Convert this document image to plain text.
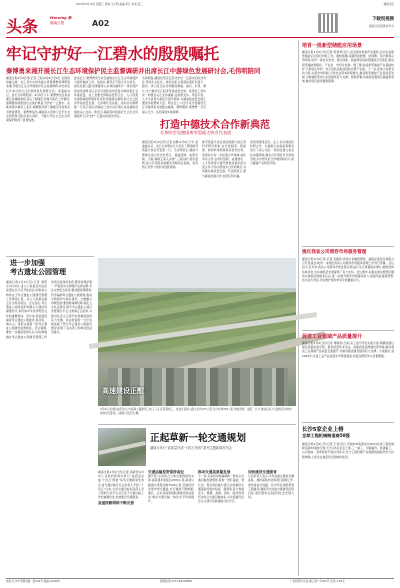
2024年4月10日 星期三 责编:王小明 美编:李红 审读:张三	湖南日报
头条	Morning 新
湖南日报	A02	下载悦视频
湖南日报新媒体平台
牢记守护好一江碧水的殷殷嘱托
秦博勇来湘开展长江生态环境保护民主监督调研并出席长江中游绿色发展研讨会,毛伟明陪同
湖南日报4月9日讯(记者 王晗)4月8日至9日,全国政协副主席、农工党中央常务副主席秦博勇率调研组来湘,开展长江生态环境保护民主监督调研,并出席在长沙举办的长江中游绿色发展研讨会。省委副书记、省长毛伟明陪同。4月8日下午,秦博勇先后来到湘江流域株洲段,深入了解湘江治理与保护工作情况,强调要持续推进生态保护修复,守护好一江碧水。在株洲清水塘老工业区,调研组详细了解搬迁改造和生态修复情况。秦博勇指出,湖南深入贯彻习近平生态文明思想,坚持共抓大保护、不搞大开发,长江生态环境保护取得了显著成效。
座谈会上,秦博勇充分肯定湖南在长江生态环境保护方面所做的工作。他指出,要坚定不移走生态优先、绿色发展之路,统筹推进山水林田湖草沙一体化保护和系统治理,深入打好污染防治攻坚战,持续改善生态环境质量。农工党要发挥联系医药卫生、人口资源环境领域的界别特色优势,积极建言献策,助力长江经济带高质量发展。毛伟明代表省委、省政府对调研组一行表示欢迎,感谢农工党中央长期以来对湖南发展的关心支持。他表示,湖南将持续抓好长江生态环境保护,扛牢守护一江碧水的政治责任。
毛伟明说,湖南将坚定扛起守护好一江碧水的政治责任,坚持生态优先、绿色发展,以更高标准打好蓝天、碧水、净土保卫战,协同推进降碳、减污、扩绿、增长,全力推动长江经济带高质量发展。希望农工党中央一如既往关心支持湖南,在政策支持、项目引进、人才交流等方面给予更多帮助,为湖南高质量发展汇聚更多智慧和力量。研讨会上,与会专家学者围绕长江中游绿色发展建言献策。调研期间,秦博勇一行还深入长沙、岳阳等地实地调研。
打造中德技术合作新典范
毛伟明会见德国弗劳恩霍夫协会代表团
湖南日报4月9日讯(记者 刘勇)4月9日下午,省委副书记、省长毛伟明在长沙会见了德国弗劳恩霍夫协会代表团一行。毛伟明表示,湖南与德国交流合作历史悠久、基础深厚、成果丰硕。当前,湖南正深入实施“三高四新”美好蓝图,着力打造国家重要先进制造业高地、具有核心竞争力的科技创新高地。
弗劳恩霍夫协会是欧洲最大的应用科学研究机构,在先进制造、新能源、新材料等领域具有领先优势。希望双方进一步拓展合作领域,深化务实合作,在科技创新、成果转化、人才培养等方面开展更加紧密的交流合作,打造中德技术合作新典范,共同推动高质量发展。代表团表示,愿与湖南加强合作,实现互利共赢。
省领导陪同会见。会上,双方就深化科研合作、共建联合实验室等事宜进行了深入交流,一致同意建立常态化沟通机制,推动合作项目早日落地见效,为中德友好合作增添新动力,助力湖南产业转型升级。
进一步加强
考古遗址公园管理
湖南日报4月9日讯(记者 周阳乐)4月9日,省人大常委会执法检查组在长沙召开座谈会,听取省文物局关于考古遗址公园建设管理工作情况汇报。省人大常委会副主任出席并讲话。会议指出,考古遗址公园是保护和展示大遗址的重要形式,是传承中华优秀传统文化的重要载体。近年来,我省高度重视考古遗址公园建设,炭河里、城头山、里耶古城等一批考古遗址公园建设成效明显。会议强调,要进一步提高思想认识,切实增强做好考古遗址公园建设管理工作的责任感和使命感;要坚持保护第一,严格落实文物保护法律法规,守住文物安全底线;要加强统筹规划,科学编制考古遗址公园规划,推动文物保护与城乡建设、文旅融合协调发展;要创新体制机制,强化人才队伍建设,提升考古遗址公园运营管理水平,让文物真正活起来,为建设社会主义现代化新湖南提供有力支撑。执法检查组一行还实地查看了部分考古遗址公园建设情况,听取了有关部门和单位的意见建议。
高速建设正酣
4月9日,常(德)益(阳)长(沙)高速公路建设工地,工人们正抓紧施工。常益长高速公路全长约155公里,设计时速350公里,途经常德、益阳、长沙,建成后将大大缩短沿线城市间的时空距离。(湖南日报记者 摄)
正起草新一轮交通规划
湖南办举行“高质量完成‘十四五’规划”系列主题新闻发布会
湖南日报4月9日讯(记者 孙敏坚)4月9日,省政府新闻办举行“高质量完成‘十四五’规划”系列主题新闻发布会,省交通运输厅有关负责人介绍,“十四五”以来,全省交通运输系统深入学习贯彻习近平总书记关于交通运输工作的重要论述,加快建设交通强省。
高速铁路网络不断完善
交通运输投资保持高位
据介绍,全省综合立体交通网加快完善,高铁通车里程达2500公里,高速公路通车里程突破7500公里,民航机场实现市州全覆盖,水运通道不断畅通,湘江、沅水等高等级航道建设稳步推进,城乡交通运输一体化水平持续提升。
推动交通高质量发展
下一步,全省将加快编制新一轮综合交通运输发展规划,谋划一批打基础、管长远、利全局的重大项目,持续推进交通基础设施补短板、强弱项,着力构建安全、便捷、高效、绿色、经济的现代化综合交通运输体系,为全面建设社会主义现代化新湖南当好先行。
加快建设交通强省
与会负责人表示,今年将重点推进长赣高铁、湘桂高铁扩能等项目前期工作,加快常益长铁路、张吉怀沿线配套等工程建设,确保年内完成交通建设投资目标,更好服务全省经济社会发展大局。
培育一批新型储能应用场景
湖南日报4月9日讯(记者 陈昂昂)近日,省发展改革委印发通知,启动全省新型储能示范项目申报工作。通知明确,将围绕电源侧、电网侧、用户侧等应用场景,培育一批技术先进、模式创新、效益明显的新型储能示范项目,推动新型储能规模化、产业化、市场化发展。据了解,我省新型储能产业基础较好,已形成从材料、电芯到系统集成的较完整产业链。下一步,将加大政策支持力度,完善市场机制,引导社会资本积极参与,推动新型储能产业高质量发展,为构建新型电力系统提供有力支撑。按照部署,各地将加强项目储备和谋划,做好项目建设要素保障。
强化我省公司债券市场服务管理
湖南日报4月9日讯(记者 张颐佳)省地方金融管理局、湖南证监局日前联合召开座谈会,就进一步强化我省公司债券市场服务管理工作进行部署。会议指出,近年来,我省公司债券市场发展态势良好,发行规模稳步增长,融资结构持续优化,为实体经济发展提供了有力支持。会议要求,各相关单位要坚持服务实体经济的根本宗旨,进一步提升债券市场服务能力,加强风险监测预警,压实各方责任,切实维护债券市场平稳健康运行。
促进工业领域产品质量提升
湖南日报4月9日讯(记者 周帙恒)日前,省工信厅印发实施方案,明确将通过强化质量标准引领、推进质量技术攻关、加强质量品牌建设等举措,推动我省工业领域产品质量全面提升,为制造强省建设提供有力支撑。方案提出,到2025年,全省工业产品质量水平明显提高,质量品牌竞争力显著增强。
长沙5家企业上榜
全球工程机械制造商50强
湖南日报4月9日讯(记者 王亮)近日,英国KHL集团发布2024全球工程机械制造商50强排行榜,长沙有5家企业上榜,三一重工、中联重科、铁建重工、山河智能、星邦智能分别位列其中,长沙工程机械产业集群的国际竞争力持续增强,上榜企业数量居全国城市前列。
地址:长沙市芙蓉中路一段442号 邮编:410005	新闻热线:0731-84329800	广告经营许可证:湘工商广字001号 定价:1.50元
